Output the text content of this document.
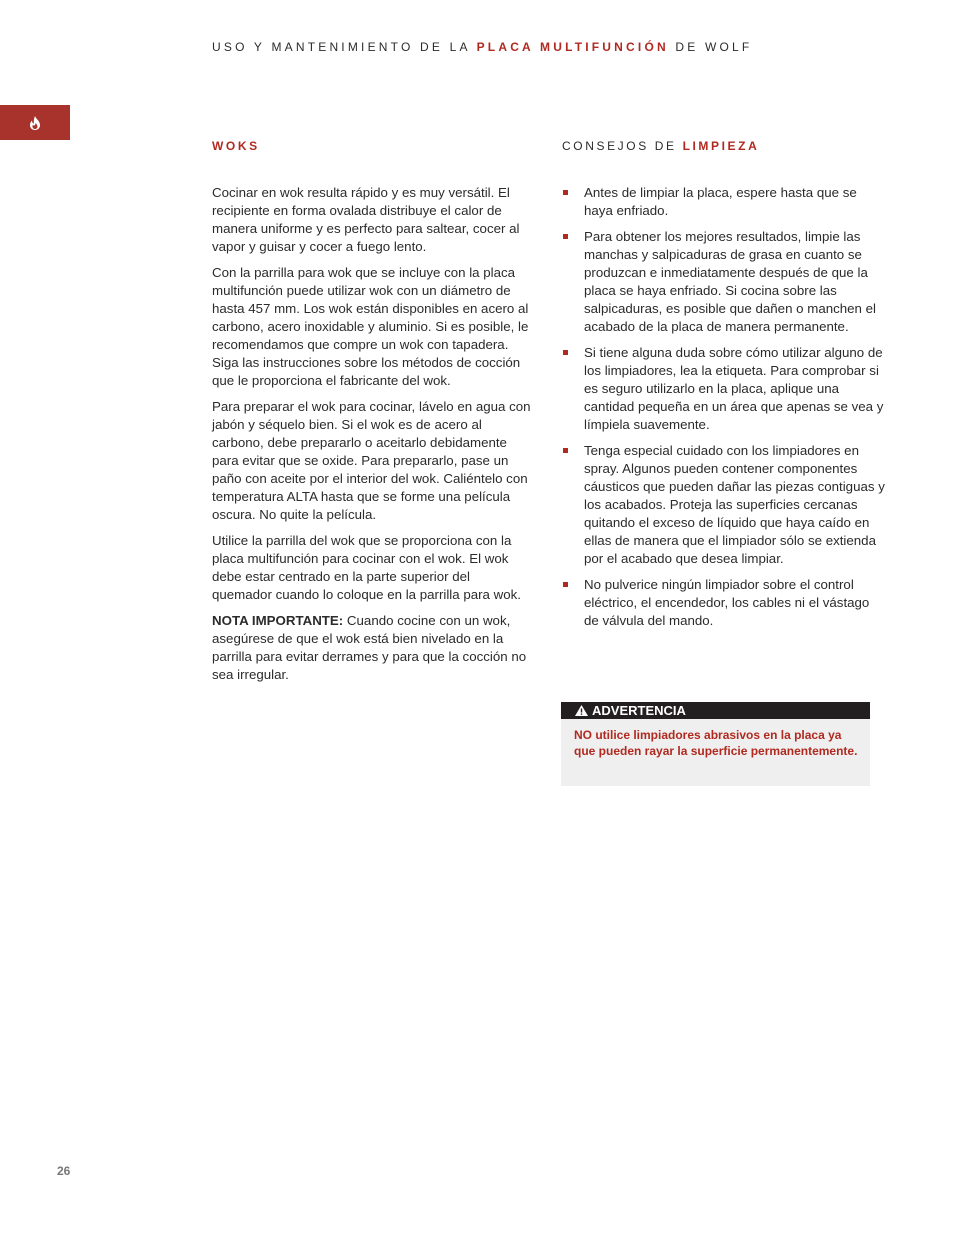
USO Y MANTENIMIENTO DE LA PLACA MULTIFUNCIÓN DE WOLF
WOKS	CONSEJOS DE LIMPIEZA

Cocinar en wok resulta rápido y es muy versátil. El recipiente en forma ovalada distribuye el calor de manera uniforme y es perfecto para saltear, cocer al vapor y guisar y cocer a fuego lento.

Con la parrilla para wok que se incluye con la placa multifunción puede utilizar wok con un diámetro de hasta 457 mm. Los wok están disponibles en acero al carbono, acero inoxidable y aluminio. Si es posible, le recomendamos que compre un wok con tapadera. Siga las instrucciones sobre los métodos de cocción que le proporciona el fabricante del wok.

Para preparar el wok para cocinar, lávelo en agua con jabón y séquelo bien. Si el wok es de acero al carbono, debe prepararlo o aceitarlo debidamente para evitar que se oxide. Para prepararlo, pase un paño con aceite por el interior del wok. Caliéntelo con temperatura ALTA hasta que se forme una película oscura. No quite la película.

Utilice la parrilla del wok que se proporciona con la placa multifunción para cocinar con el wok. El wok debe estar centrado en la parte superior del quemador cuando lo coloque en la parrilla para wok.

NOTA IMPORTANTE: Cuando cocine con un wok, asegúrese de que el wok está bien nivelado en la parrilla para evitar derrames y para que la cocción no sea irregular.

Antes de limpiar la placa, espere hasta que se haya enfriado.
Para obtener los mejores resultados, limpie las manchas y salpicaduras de grasa en cuanto se produzcan e inmediatamente después de que la placa se haya enfriado. Si cocina sobre las salpicaduras, es posible que dañen o manchen el acabado de la placa de manera permanente.
Si tiene alguna duda sobre cómo utilizar alguno de los limpiadores, lea la etiqueta. Para comprobar si es seguro utilizarlo en la placa, aplique una cantidad pequeña en un área que apenas se vea y límpiela suavemente.
Tenga especial cuidado con los limpiadores en spray. Algunos pueden contener componentes cáusticos que pueden dañar las piezas contiguas y los acabados. Proteja las superficies cercanas quitando el exceso de líquido que haya caído en ellas de manera que el limpiador sólo se extienda por el acabado que desea limpiar.
No pulverice ningún limpiador sobre el control eléctrico, el encendedor, los cables ni el vástago de válvula del mando.
ADVERTENCIA
NO utilice limpiadores abrasivos en la placa ya que pueden rayar la superficie permanentemente.
26
